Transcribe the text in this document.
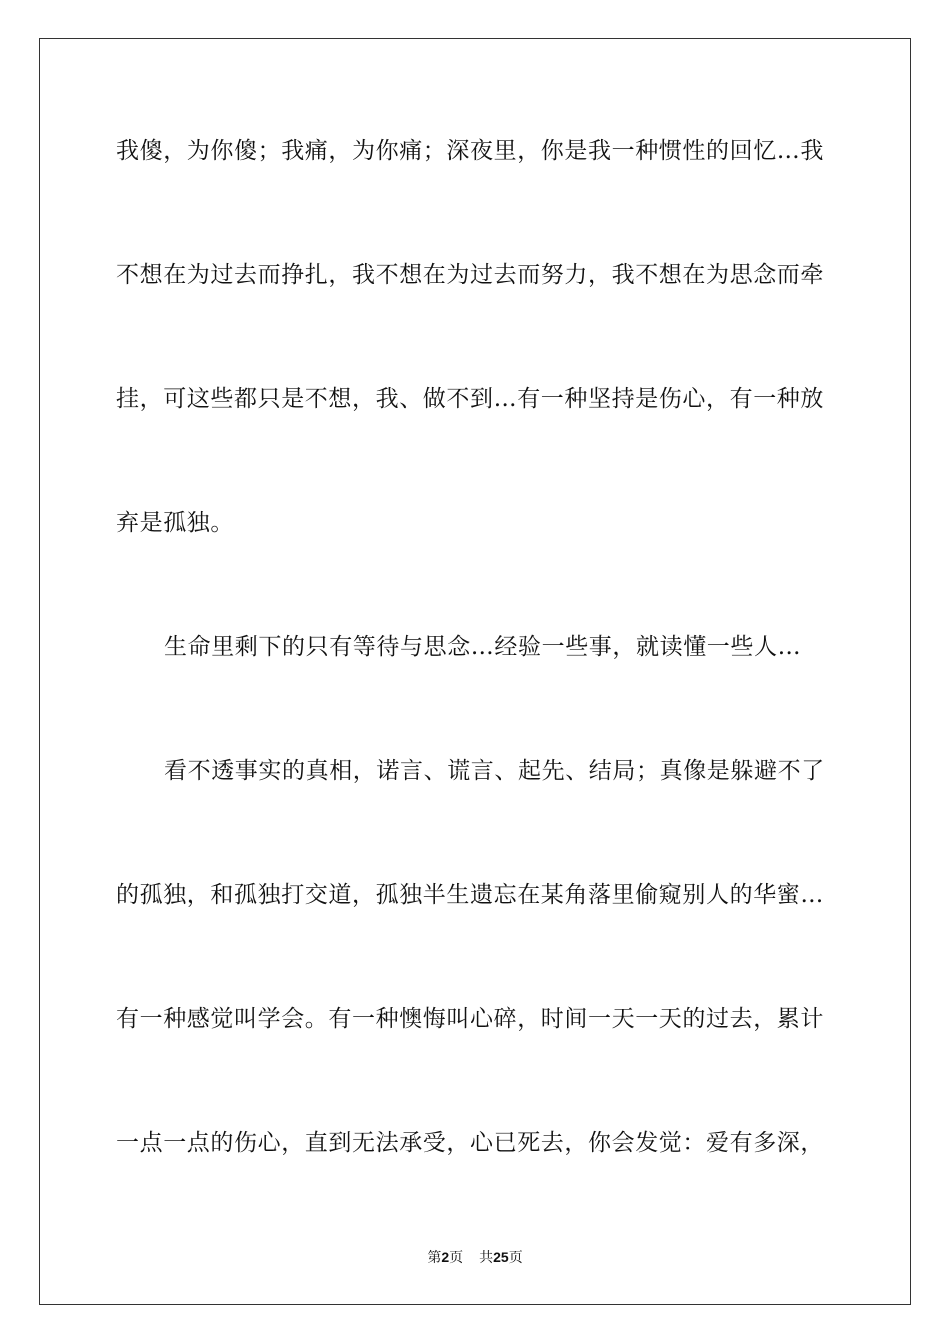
我傻，为你傻；我痛，为你痛；深夜里，你是我一种惯性的回忆…我
不想在为过去而挣扎，我不想在为过去而努力，我不想在为思念而牵
挂，可这些都只是不想，我、做不到…有一种坚持是伤心，有一种放
弃是孤独。
生命里剩下的只有等待与思念…经验一些事，就读懂一些人…
看不透事实的真相，诺言、谎言、起先、结局；真像是躲避不了
的孤独，和孤独打交道，孤独半生遗忘在某角落里偷窥别人的华蜜…
有一种感觉叫学会。有一种懊悔叫心碎，时间一天一天的过去，累计
一点一点的伤心，直到无法承受，心已死去，你会发觉：爱有多深，
第2页 共25页
